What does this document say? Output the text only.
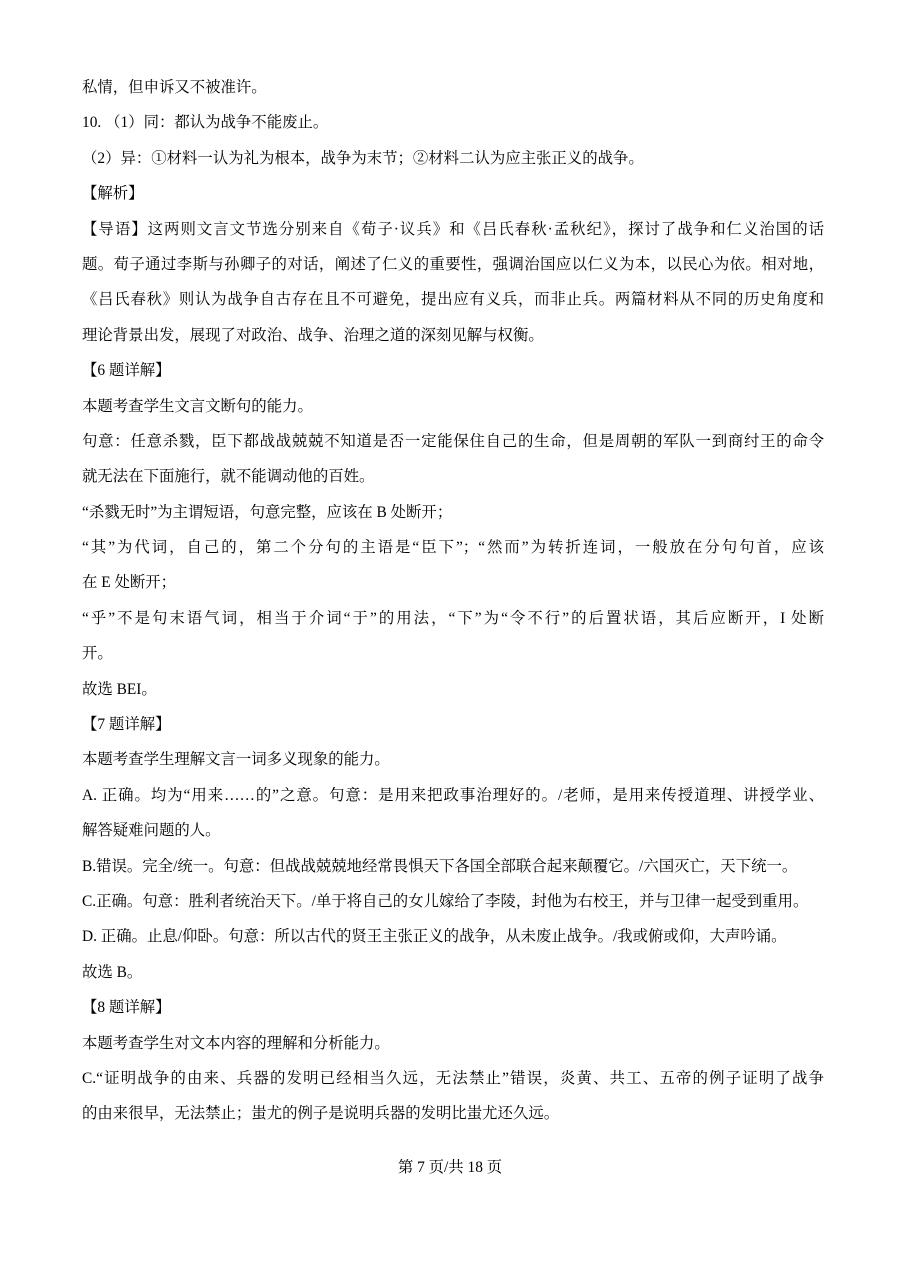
私情，但申诉又不被准许。
10. （1）同：都认为战争不能废止。
（2）异：①材料一认为礼为根本，战争为末节；②材料二认为应主张正义的战争。
【解析】
【导语】这两则文言文节选分别来自《荀子·议兵》和《吕氏春秋·孟秋纪》，探讨了战争和仁义治国的话
题。荀子通过李斯与孙卿子的对话，阐述了仁义的重要性，强调治国应以仁义为本，以民心为依。相对地，
《吕氏春秋》则认为战争自古存在且不可避免，提出应有义兵，而非止兵。两篇材料从不同的历史角度和
理论背景出发，展现了对政治、战争、治理之道的深刻见解与权衡。
【6 题详解】
本题考查学生文言文断句的能力。
句意：任意杀戮，臣下都战战兢兢不知道是否一定能保住自己的生命，但是周朝的军队一到商纣王的命令
就无法在下面施行，就不能调动他的百姓。
“杀戮无时”为主谓短语，句意完整，应该在 B 处断开；
“其”为代词，自己的，第二个分句的主语是“臣下”；“然而”为转折连词，一般放在分句句首，应该
在 E 处断开；
“乎”不是句末语气词，相当于介词“于”的用法，“下”为“令不行”的后置状语，其后应断开，I 处断
开。
故选 BEI。
【7 题详解】
本题考查学生理解文言一词多义现象的能力。
A. 正确。均为“用来……的”之意。句意：是用来把政事治理好的。/老师，是用来传授道理、讲授学业、
解答疑难问题的人。
B.错误。完全/统一。句意：但战战兢兢地经常畏惧天下各国全部联合起来颠覆它。/六国灭亡，天下统一。
C.正确。句意：胜利者统治天下。/单于将自己的女儿嫁给了李陵，封他为右校王，并与卫律一起受到重用。
D. 正确。止息/仰卧。句意：所以古代的贤王主张正义的战争，从未废止战争。/我或俯或仰，大声吟诵。
故选 B。
【8 题详解】
本题考查学生对文本内容的理解和分析能力。
C.“证明战争的由来、兵器的发明已经相当久远，无法禁止”错误，炎黄、共工、五帝的例子证明了战争
的由来很早，无法禁止；蚩尤的例子是说明兵器的发明比蚩尤还久远。
第 7 页/共 18 页
